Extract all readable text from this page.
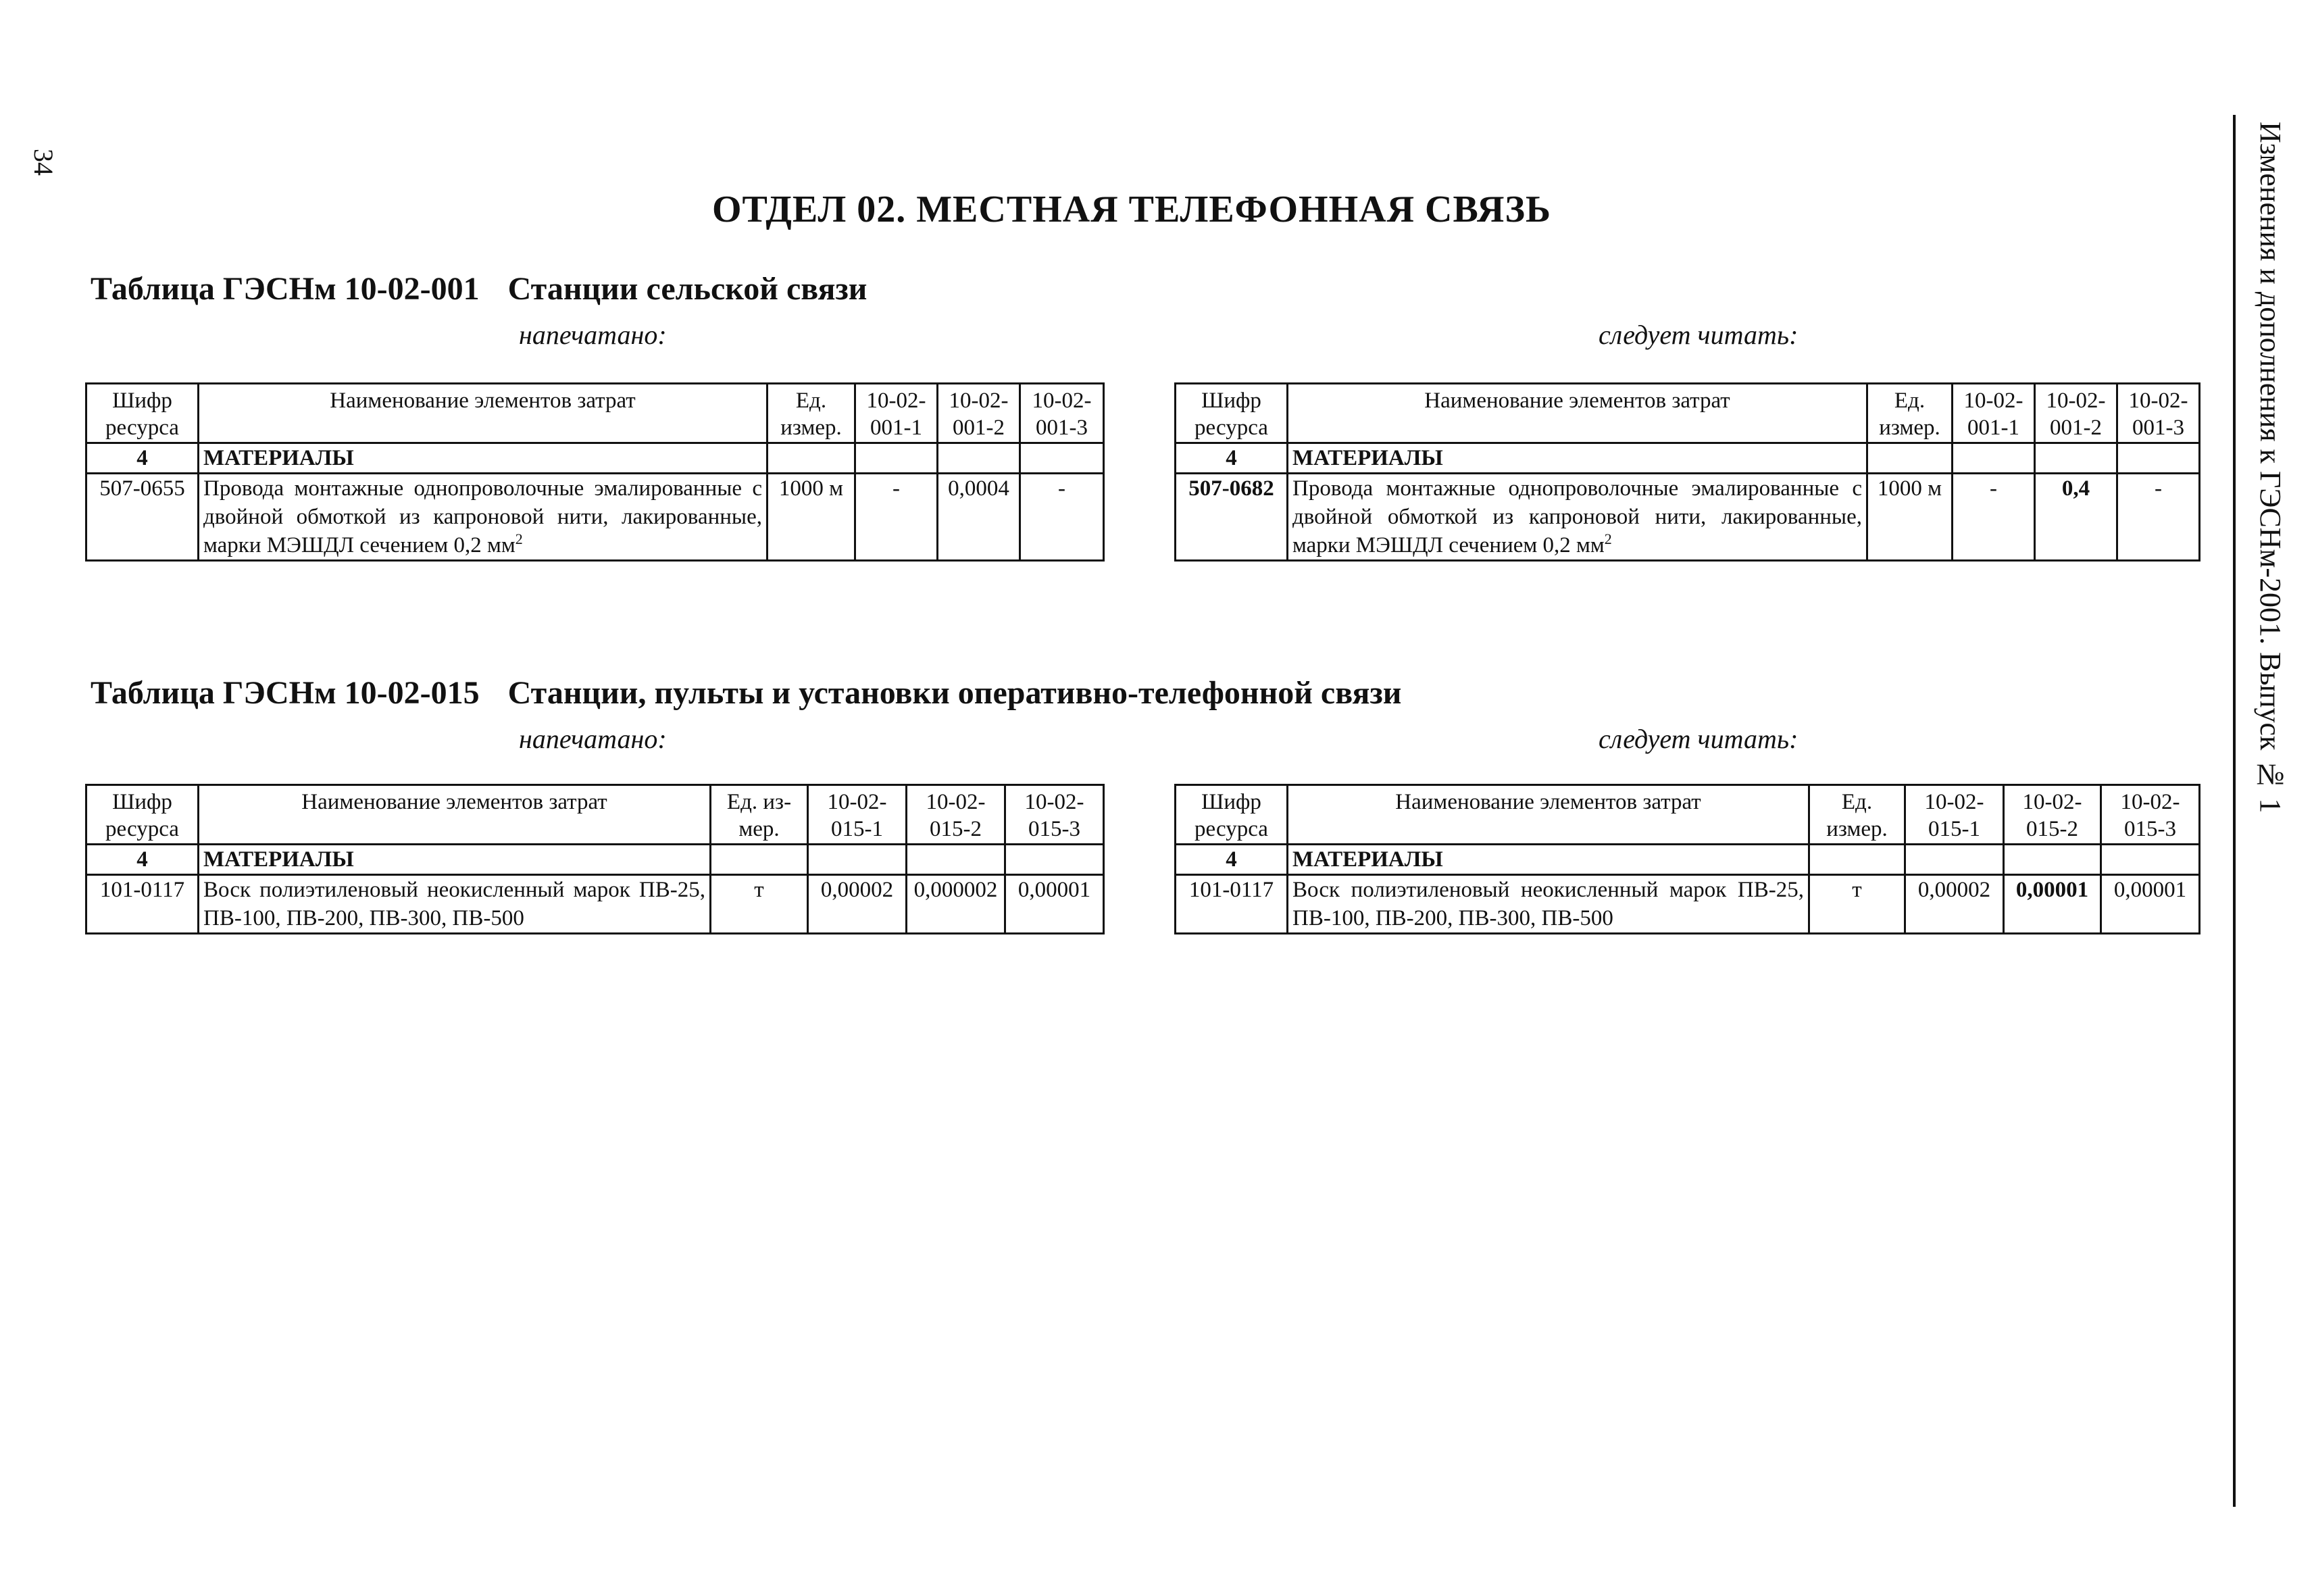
34	Изменения и дополнения к ГЭСНм-2001. Выпуск № 1
ОТДЕЛ 02. МЕСТНАЯ ТЕЛЕФОННАЯ СВЯЗЬ
Таблица ГЭСНм 10-02-001 Станции сельской связи
напечатано:	следует читать:
Шифр ресурса	Наименование элементов затрат	Ед. измер.	10-02- 001-1	10-02- 001-2	10-02- 001-3
4	МАТЕРИАЛЫ				
507-0655	Провода монтажные однопроволочные эмалированные с двойной обмоткой из капроновой нити, лакированные, марки МЭШДЛ сечением 0,2 $мм^2$	1000 м	-	0,0004	-
Шифр ресурса	Наименование элементов затрат	Ед. измер.	10-02- 001-1	10-02- 001-2	10-02- 001-3
4	МАТЕРИАЛЫ				
507-0682	Провода монтажные однопроволочные эмалированные с двойной обмоткой из капроновой нити, лакированные, марки МЭШДЛ сечением 0,2 $мм^2$	1000 м	-	0,4	-
Таблица ГЭСНм 10-02-015 Станции, пульты и установки оперативно-телефонной связи
напечатано:	следует читать:
Шифр ресурса	Наименование элементов затрат	Ед. из- мер.	10-02- 015-1	10-02- 015-2	10-02- 015-3
4	МАТЕРИАЛЫ				
101-0117	Воск полиэтиленовый неокисленный марок ПВ-25, ПВ-100, ПВ-200, ПВ-300, ПВ-500	т	0,00002	0,000002	0,00001
Шифр ресурса	Наименование элементов затрат	Ед. измер.	10-02- 015-1	10-02- 015-2	10-02- 015-3
4	МАТЕРИАЛЫ				
101-0117	Воск полиэтиленовый неокисленный марок ПВ-25, ПВ-100, ПВ-200, ПВ-300, ПВ-500	т	0,00002	0,00001	0,00001
